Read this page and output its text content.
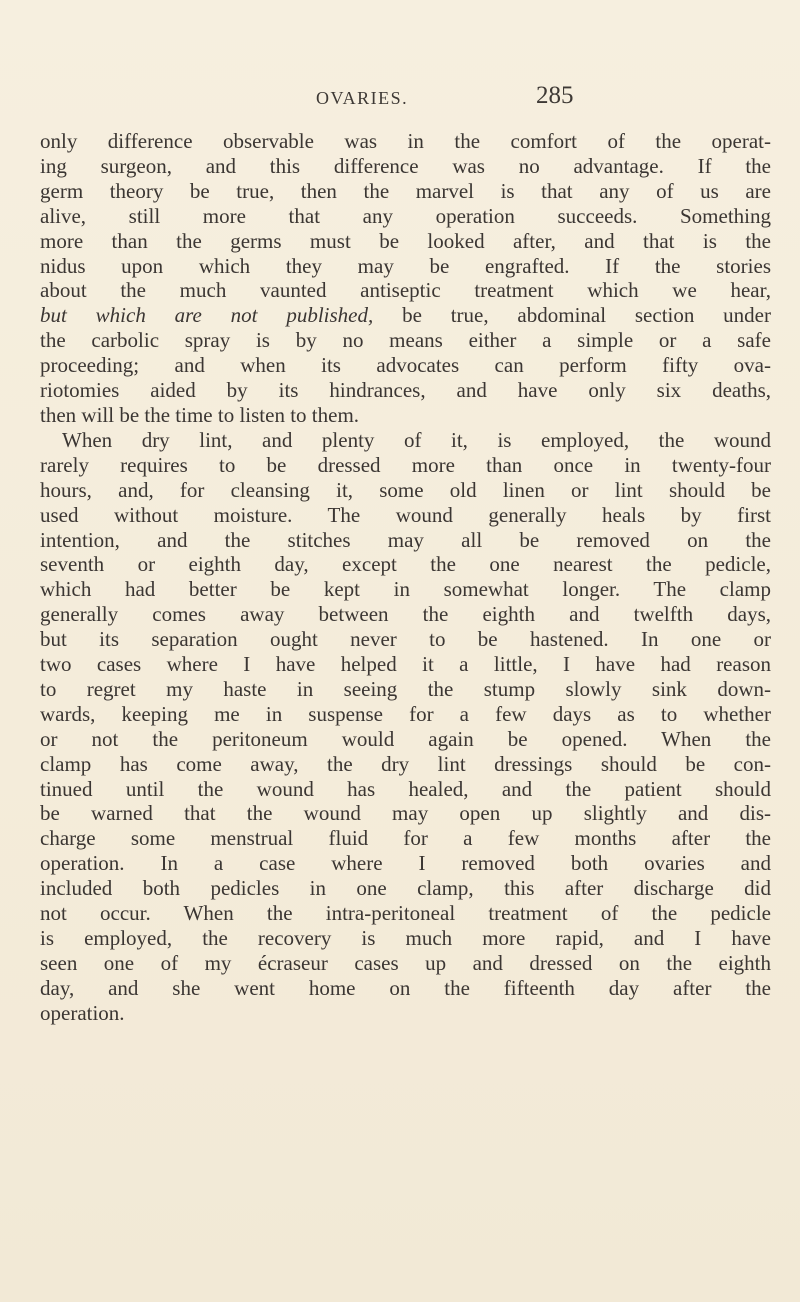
OVARIES.	285
only difference observable was in the comfort of the operat-
ing surgeon, and this difference was no advantage. If the
germ theory be true, then the marvel is that any of us are
alive, still more that any operation succeeds. Something
more than the germs must be looked after, and that is the
nidus upon which they may be engrafted. If the stories
about the much vaunted antiseptic treatment which we hear,
but which are not published, be true, abdominal section under
the carbolic spray is by no means either a simple or a safe
proceeding; and when its advocates can perform fifty ova-
riotomies aided by its hindrances, and have only six deaths,
then will be the time to listen to them.
When dry lint, and plenty of it, is employed, the wound
rarely requires to be dressed more than once in twenty-four
hours, and, for cleansing it, some old linen or lint should be
used without moisture. The wound generally heals by first
intention, and the stitches may all be removed on the
seventh or eighth day, except the one nearest the pedicle,
which had better be kept in somewhat longer. The clamp
generally comes away between the eighth and twelfth days,
but its separation ought never to be hastened. In one or
two cases where I have helped it a little, I have had reason
to regret my haste in seeing the stump slowly sink down-
wards, keeping me in suspense for a few days as to whether
or not the peritoneum would again be opened. When the
clamp has come away, the dry lint dressings should be con-
tinued until the wound has healed, and the patient should
be warned that the wound may open up slightly and dis-
charge some menstrual fluid for a few months after the
operation. In a case where I removed both ovaries and
included both pedicles in one clamp, this after discharge did
not occur. When the intra-peritoneal treatment of the pedicle
is employed, the recovery is much more rapid, and I have
seen one of my écraseur cases up and dressed on the eighth
day, and she went home on the fifteenth day after the
operation.
